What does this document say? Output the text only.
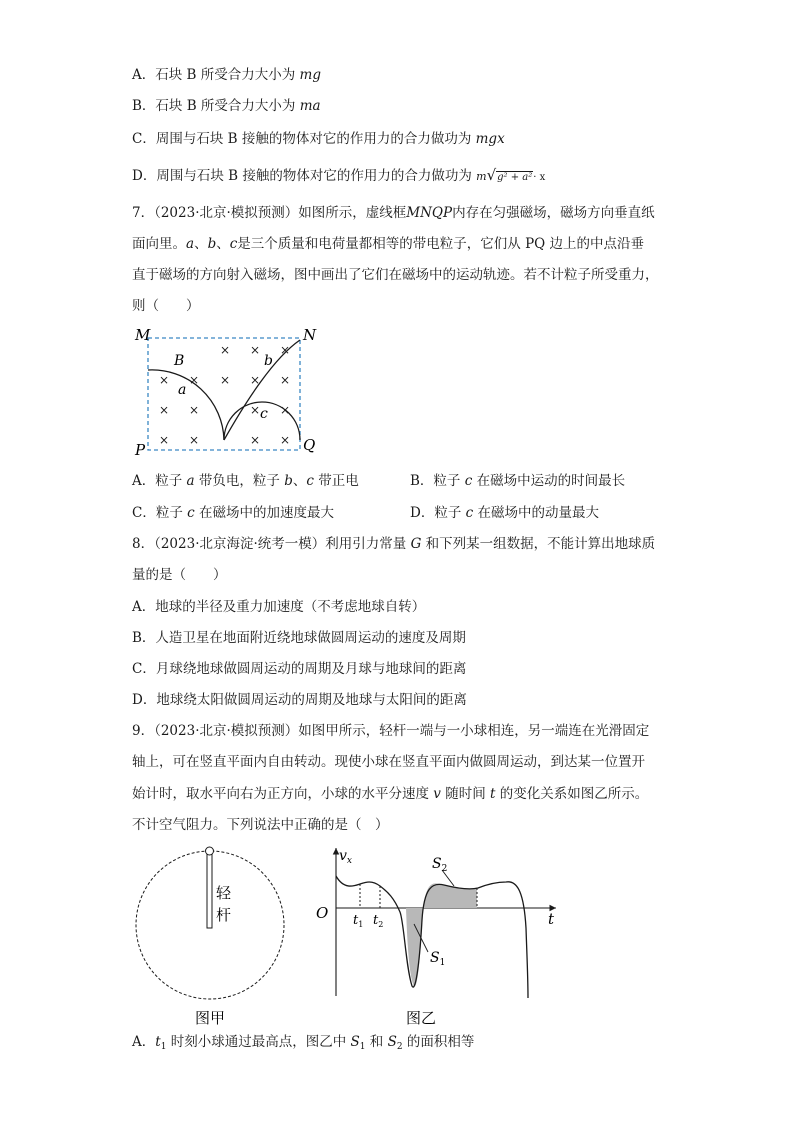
A．石块 B 所受合力大小为 mg
B．石块 B 所受合力大小为 ma
C．周围与石块 B 接触的物体对它的作用力的合力做功为 mgx
D．周围与石块 B 接触的物体对它的作用力的合力做功为 m√g² + a²· x
7．（2023·北京·模拟预测）如图所示，虚线框MNQP内存在匀强磁场，磁场方向垂直纸
面向里。a、b、c是三个质量和电荷量都相等的带电粒子，它们从 PQ 边上的中点沿垂
直于磁场的方向射入磁场，图中画出了它们在磁场中的运动轨迹。若不计粒子所受重力，
则（　　）
× × ×
× × × × ×
× ×	× ×
× ×	× ×
M	N
P	Q
B
a
b
c
A．粒子 a 带负电，粒子 b、c 带正电	B．粒子 c 在磁场中运动的时间最长
C．粒子 c 在磁场中的加速度最大	D．粒子 c 在磁场中的动量最大
8．（2023·北京海淀·统考一模）利用引力常量 G 和下列某一组数据，不能计算出地球质
量的是（　　）
A．地球的半径及重力加速度（不考虑地球自转）
B．人造卫星在地面附近绕地球做圆周运动的速度及周期
C．月球绕地球做圆周运动的周期及月球与地球间的距离
D．地球绕太阳做圆周运动的周期及地球与太阳间的距离
9．（2023·北京·模拟预测）如图甲所示，轻杆一端与一小球相连，另一端连在光滑固定
轴上，可在竖直平面内自由转动。现使小球在竖直平面内做圆周运动，到达某一位置开
始计时，取水平向右为正方向，小球的水平分速度 v 随时间 t 的变化关系如图乙所示。
不计空气阻力。下列说法中正确的是（　）
轻
杆
图甲
$v_x$
O	t
$t_1$ $t_2$
$S_1$
$S_2$
图乙
A．$t_1$ 时刻小球通过最高点，图乙中 $S_1$ 和 $S_2$ 的面积相等
